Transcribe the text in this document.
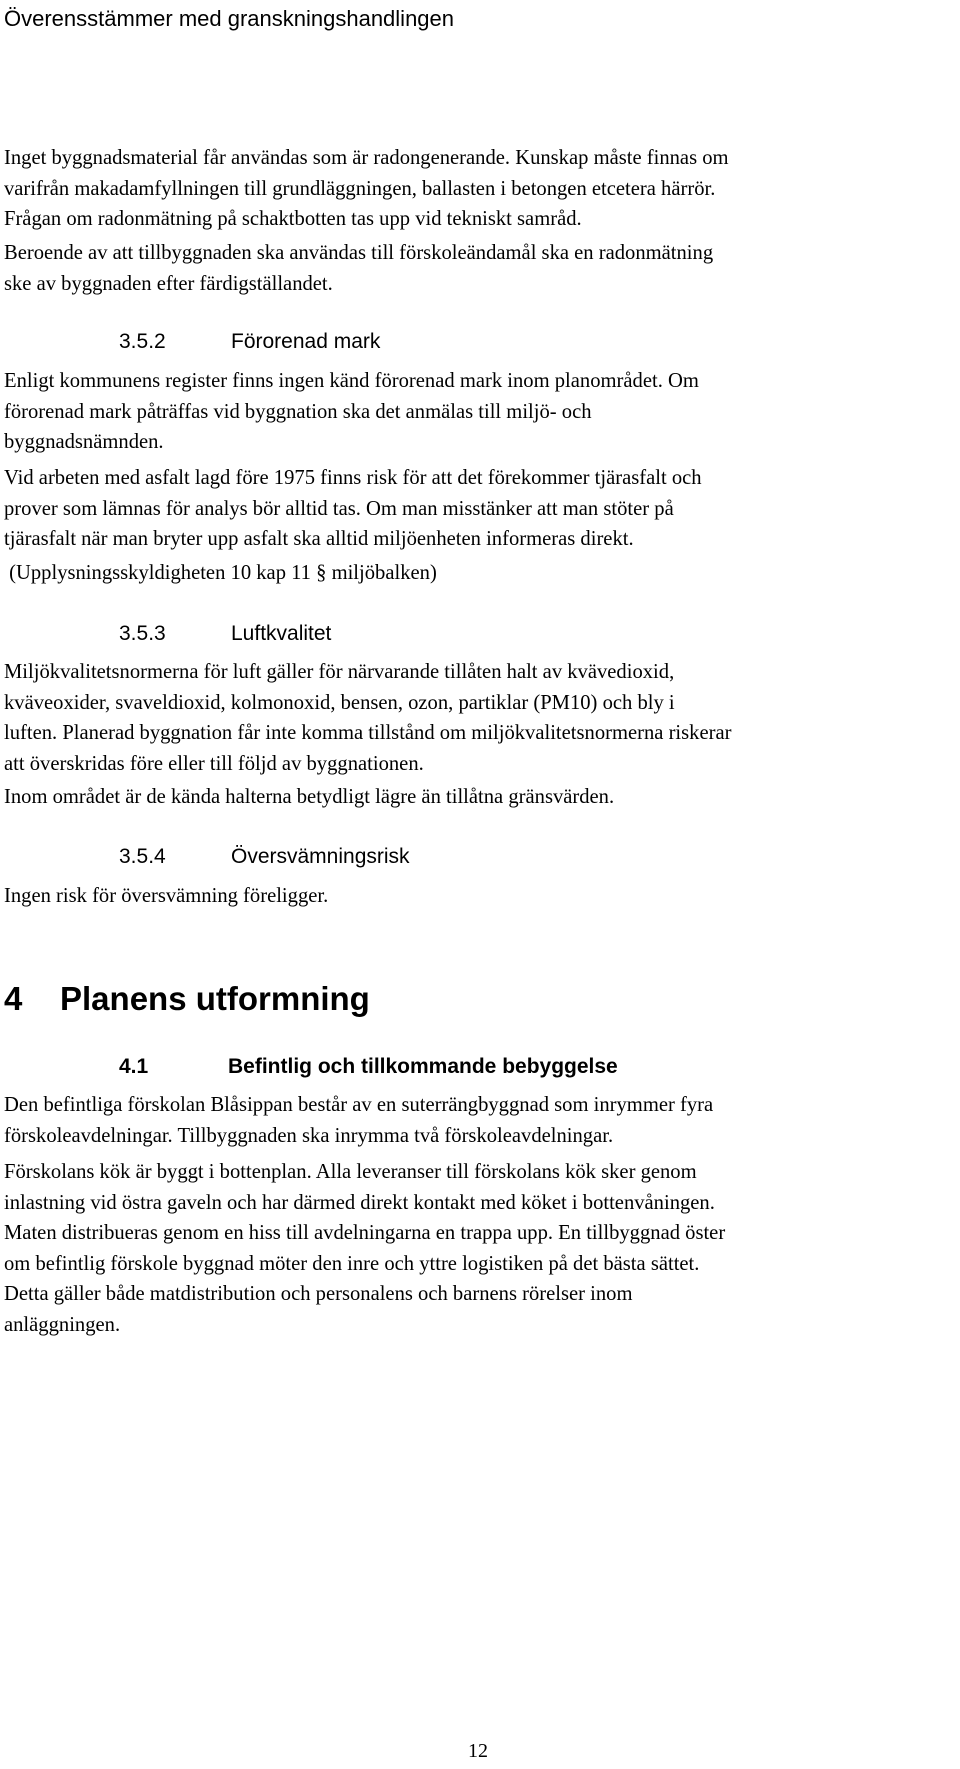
Överensstämmer med granskningshandlingen
Inget byggnadsmaterial får användas som är radongenerande. Kunskap måste finnas om
varifrån makadamfyllningen till grundläggningen, ballasten i betongen etcetera härrör.
Frågan om radonmätning på schaktbotten tas upp vid tekniskt samråd.
Beroende av att tillbyggnaden ska användas till förskoleändamål ska en radonmätning
ske av byggnaden efter färdigställandet.
3.5.2	Förorenad mark
Enligt kommunens register finns ingen känd förorenad mark inom planområdet. Om
förorenad mark påträffas vid byggnation ska det anmälas till miljö- och
byggnadsnämnden.
Vid arbeten med asfalt lagd före 1975 finns risk för att det förekommer tjärasfalt och
prover som lämnas för analys bör alltid tas. Om man misstänker att man stöter på
tjärasfalt när man bryter upp asfalt ska alltid miljöenheten informeras direkt.
(Upplysningsskyldigheten 10 kap 11 § miljöbalken)
3.5.3	Luftkvalitet
Miljökvalitetsnormerna för luft gäller för närvarande tillåten halt av kvävedioxid,
kväveoxider, svaveldioxid, kolmonoxid, bensen, ozon, partiklar (PM10) och bly i
luften. Planerad byggnation får inte komma tillstånd om miljökvalitetsnormerna riskerar
att överskridas före eller till följd av byggnationen.
Inom området är de kända halterna betydligt lägre än tillåtna gränsvärden.
3.5.4	Översvämningsrisk
Ingen risk för översvämning föreligger.
4 Planens utformning
4.1	Befintlig och tillkommande bebyggelse
Den befintliga förskolan Blåsippan består av en suterrängbyggnad som inrymmer fyra
förskoleavdelningar. Tillbyggnaden ska inrymma två förskoleavdelningar.
Förskolans kök är byggt i bottenplan. Alla leveranser till förskolans kök sker genom
inlastning vid östra gaveln och har därmed direkt kontakt med köket i bottenvåningen.
Maten distribueras genom en hiss till avdelningarna en trappa upp. En tillbyggnad öster
om befintlig förskole byggnad möter den inre och yttre logistiken på det bästa sättet.
Detta gäller både matdistribution och personalens och barnens rörelser inom
anläggningen.
12
